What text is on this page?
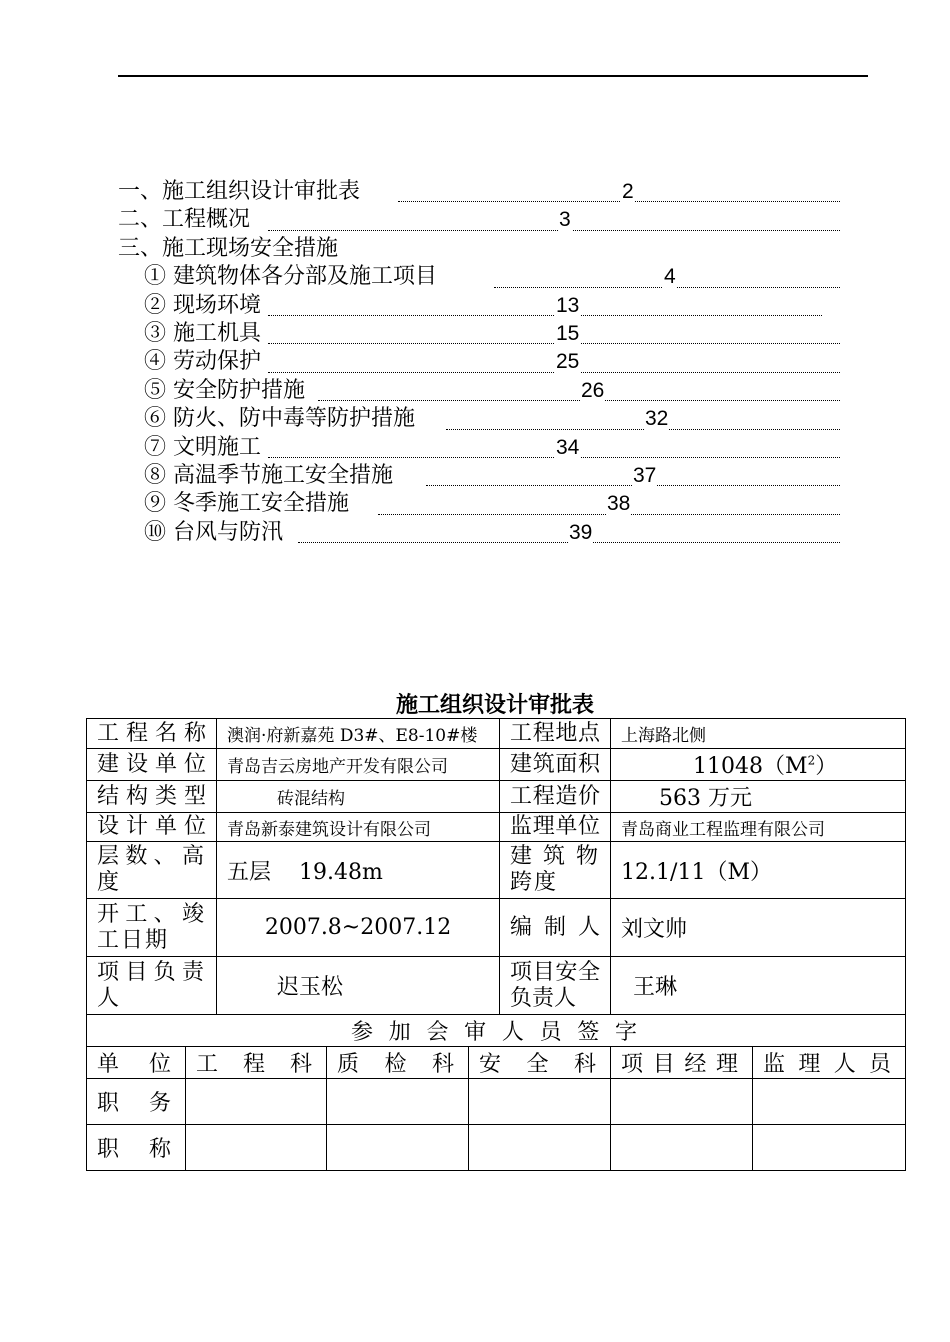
一、施工组织设计审批表	2
二、工程概况	3
三、施工现场安全措施
① 建筑物体各分部及施工项目	4
② 现场环境	13
③ 施工机具	15
④ 劳动保护	25
⑤ 安全防护措施	26
⑥ 防火、防中毒等防护措施	32
⑦ 文明施工	34
⑧ 高温季节施工安全措施	37
⑨ 冬季施工安全措施	38
⑩ 台风与防汛	39
施工组织设计审批表
工程名称		澳润·府新嘉苑 D3#、E8-10#楼			工程地点	上海路北侧	
建设单位		青岛吉云房地产开发有限公司			建筑面积	$11048(M^2)$	
结构类型		砖混结构			工程造价	563 万元	
设计单位		青岛新泰建筑设计有限公司			监理单位	青岛商业工程监理有限公司	
层数、高度		五层    19.48m			建筑物跨度	12.1/11（M）	
开工、竣工日期		2007.8~2007.12			编制人	刘文帅	
项目负责人		迟玉松			项目安全负责人	王琳	

参加会审人员签字							

单位	工程科		质检科	安全科		项目经理	监理人员
职务							
职称							
